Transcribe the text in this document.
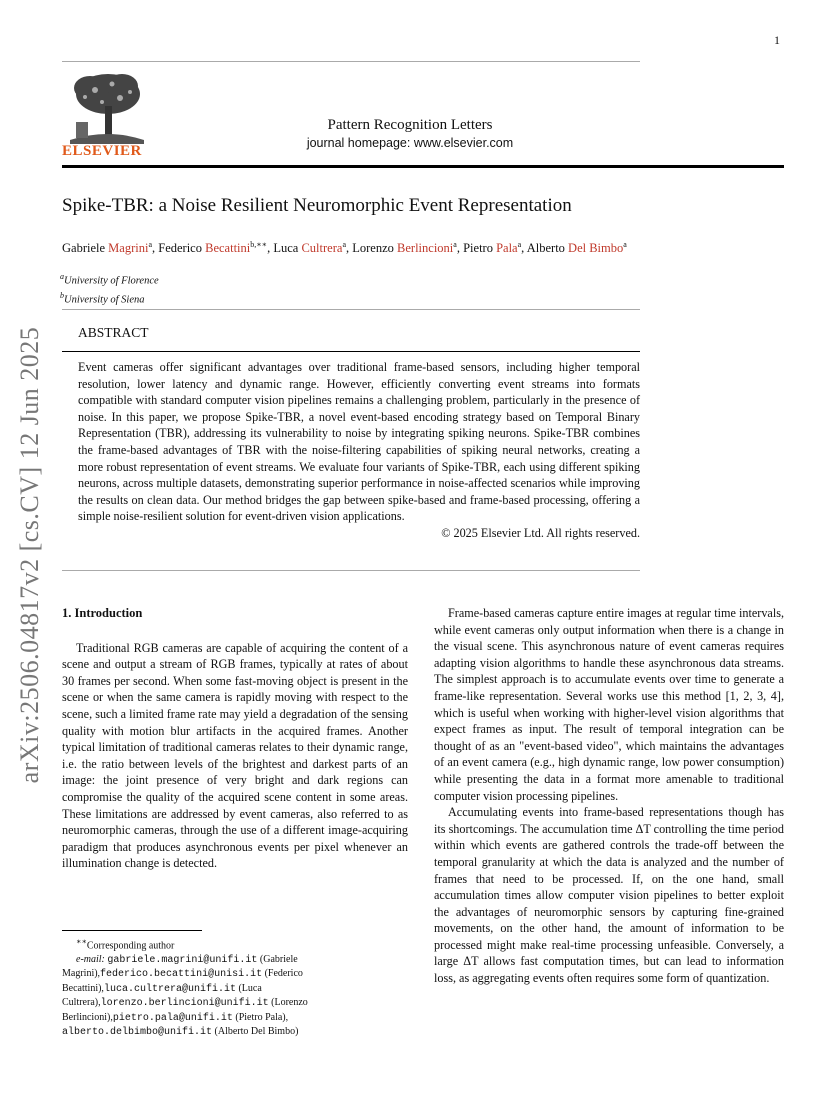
1
ELSEVIER
Pattern Recognition Letters
journal homepage: www.elsevier.com
Spike-TBR: a Noise Resilient Neuromorphic Event Representation
Gabriele Magrini$^a$, Federico Becattini$^{b,∗∗}$, Luca Cultrera$^a$, Lorenzo Berlincioni$^a$, Pietro Pala$^a$, Alberto Del Bimbo$^a$
$^a$University of Florence
$^b$University of Siena
ABSTRACT
Event cameras offer significant advantages over traditional frame-based sensors, including higher temporal resolution, lower latency and dynamic range. However, efficiently converting event streams into formats compatible with standard computer vision pipelines remains a challenging problem, particularly in the presence of noise. In this paper, we propose Spike-TBR, a novel event-based encoding strategy based on Temporal Binary Representation (TBR), addressing its vulnerability to noise by integrating spiking neurons. Spike-TBR combines the frame-based advantages of TBR with the noise-filtering capabilities of spiking neural networks, creating a more robust representation of event streams. We evaluate four variants of Spike-TBR, each using different spiking neurons, across multiple datasets, demonstrating superior performance in noise-affected scenarios while improving the results on clean data. Our method bridges the gap between spike-based and frame-based processing, offering a simple noise-resilient solution for event-driven vision applications.
© 2025 Elsevier Ltd. All rights reserved.
arXiv:2506.04817v2 [cs.CV] 12 Jun 2025 1. Introduction

Traditional RGB cameras are capable of acquiring the content of a scene and output a stream of RGB frames, typically at rates of about 30 frames per second. When some fast-moving object is present in the scene or when the same camera is rapidly moving with respect to the scene, such a limited frame rate may yield a degradation of the sensing quality with motion blur artifacts in the acquired frames. Another typical limitation of traditional cameras relates to their dynamic range, i.e. the ratio between levels of the brightest and darkest parts of an image: the joint presence of very bright and dark regions can compromise the quality of the acquired scene content in some areas. These limitations are addressed by event cameras, also referred to as neuromorphic cameras, through the use of a different image-acquiring paradigm that produces asynchronous events per pixel whenever an illumination change is detected.

Frame-based cameras capture entire images at regular time intervals, while event cameras only output information when there is a change in the visual scene. This asynchronous nature of event cameras requires adapting vision algorithms to handle these asynchronous data streams. The simplest approach is to accumulate events over time to generate a frame-like representation. Several works use this method [1, 2, 3, 4], which is useful when working with higher-level vision algorithms that expect frames as input. The result of temporal integration can be thought of as an "event-based video", which maintains the advantages of an event camera (e.g., high dynamic range, low power consumption) while presenting the data in a format more amenable to traditional computer vision processing pipelines.

Accumulating events into frame-based representations though has its shortcomings. The accumulation time ΔT controlling the time period within which events are gathered controls the trade-off between the temporal granularity at which the data is analyzed and the number of frames that need to be processed. If, on the one hand, small accumulation times allow computer vision pipelines to better exploit the advantages of neuromorphic sensors by capturing fine-grained movements, on the other hand, the amount of information to be processed might make real-time processing unfeasible. Conversely, a large ΔT allows fast computation times, but can lead to information loss, as aggregating events often requires some form of quantization.

∗∗Corresponding author
e-mail: gabriele.magrini@unifi.it (Gabriele Magrini),federico.becattini@unisi.it (Federico Becattini),luca.cultrera@unifi.it (Luca Cultrera),lorenzo.berlincioni@unifi.it (Lorenzo Berlincioni),pietro.pala@unifi.it (Pietro Pala), alberto.delbimbo@unifi.it (Alberto Del Bimbo)
